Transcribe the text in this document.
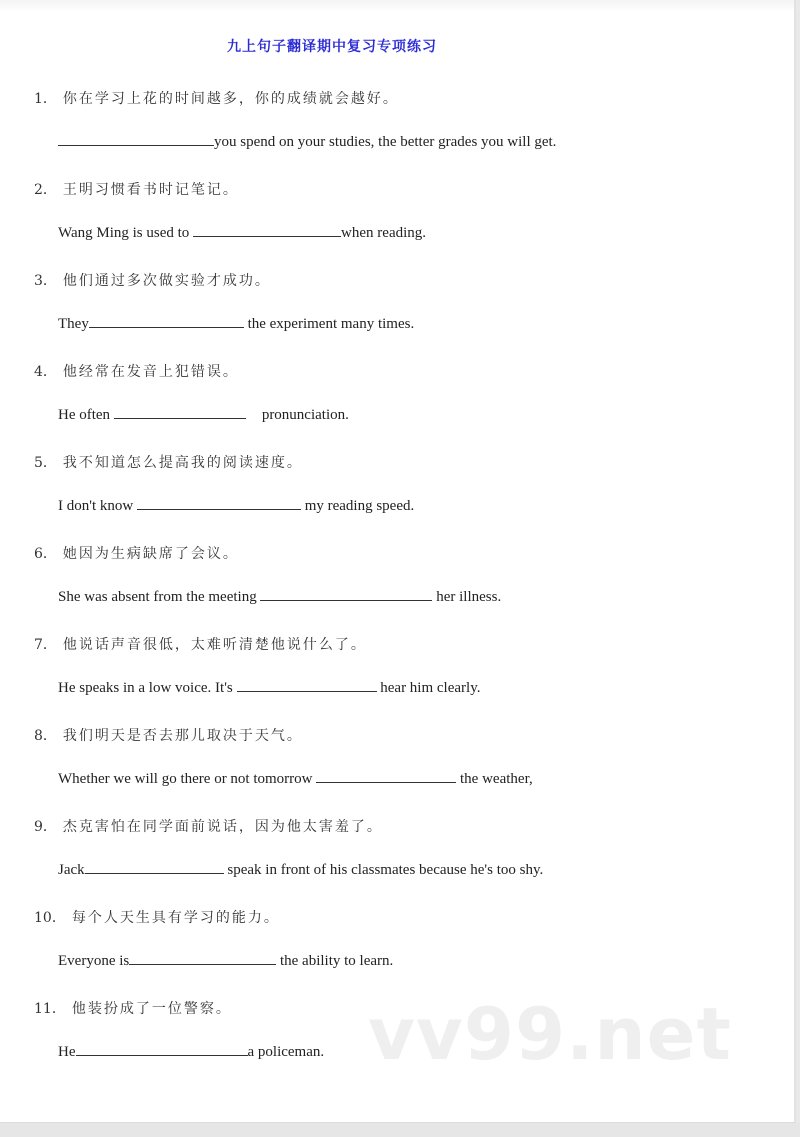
九上句子翻译期中复习专项练习
1． 你在学习上花的时间越多，你的成绩就会越好。
you spend on your studies, the better grades you will get.
2． 王明习惯看书时记笔记。
Wang Ming is used to	when reading.
3． 他们通过多次做实验才成功。
They	the experiment many times.
4． 他经常在发音上犯错误。
He often	pronunciation.
5． 我不知道怎么提高我的阅读速度。
I don't know	my reading speed.
6． 她因为生病缺席了会议。
She was absent from the meeting	her illness.
7． 他说话声音很低，太难听清楚他说什么了。
He speaks in a low voice. It's	hear him clearly.
8． 我们明天是否去那儿取决于天气。
Whether we will go there or not tomorrow	the weather,
9． 杰克害怕在同学面前说话，因为他太害羞了。
Jack	speak in front of his classmates because he's too shy.
10． 每个人天生具有学习的能力。
Everyone is	the ability to learn.
11． 他装扮成了一位警察。
He	a policeman. vv99.net
